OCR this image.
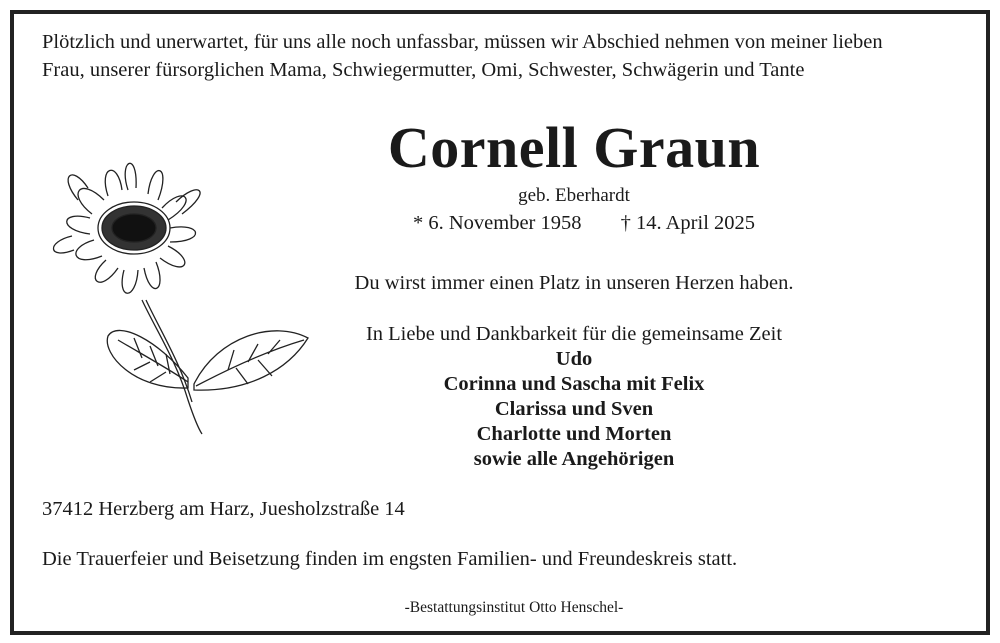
Plötzlich und unerwartet, für uns alle noch unfassbar, müssen wir Abschied nehmen von meiner lieben
Frau, unserer fürsorglichen Mama, Schwiegermutter, Omi, Schwester, Schwägerin und Tante
Cornell Graun
geb. Eberhardt
* 6. November 1958 † 14. April 2025
Du wirst immer einen Platz in unseren Herzen haben.
In Liebe und Dankbarkeit für die gemeinsame Zeit
Udo
Corinna und Sascha mit Felix
Clarissa und Sven
Charlotte und Morten
sowie alle Angehörigen
37412 Herzberg am Harz, Juesholzstraße 14
Die Trauerfeier und Beisetzung finden im engsten Familien- und Freundeskreis statt.
-Bestattungsinstitut Otto Henschel-
